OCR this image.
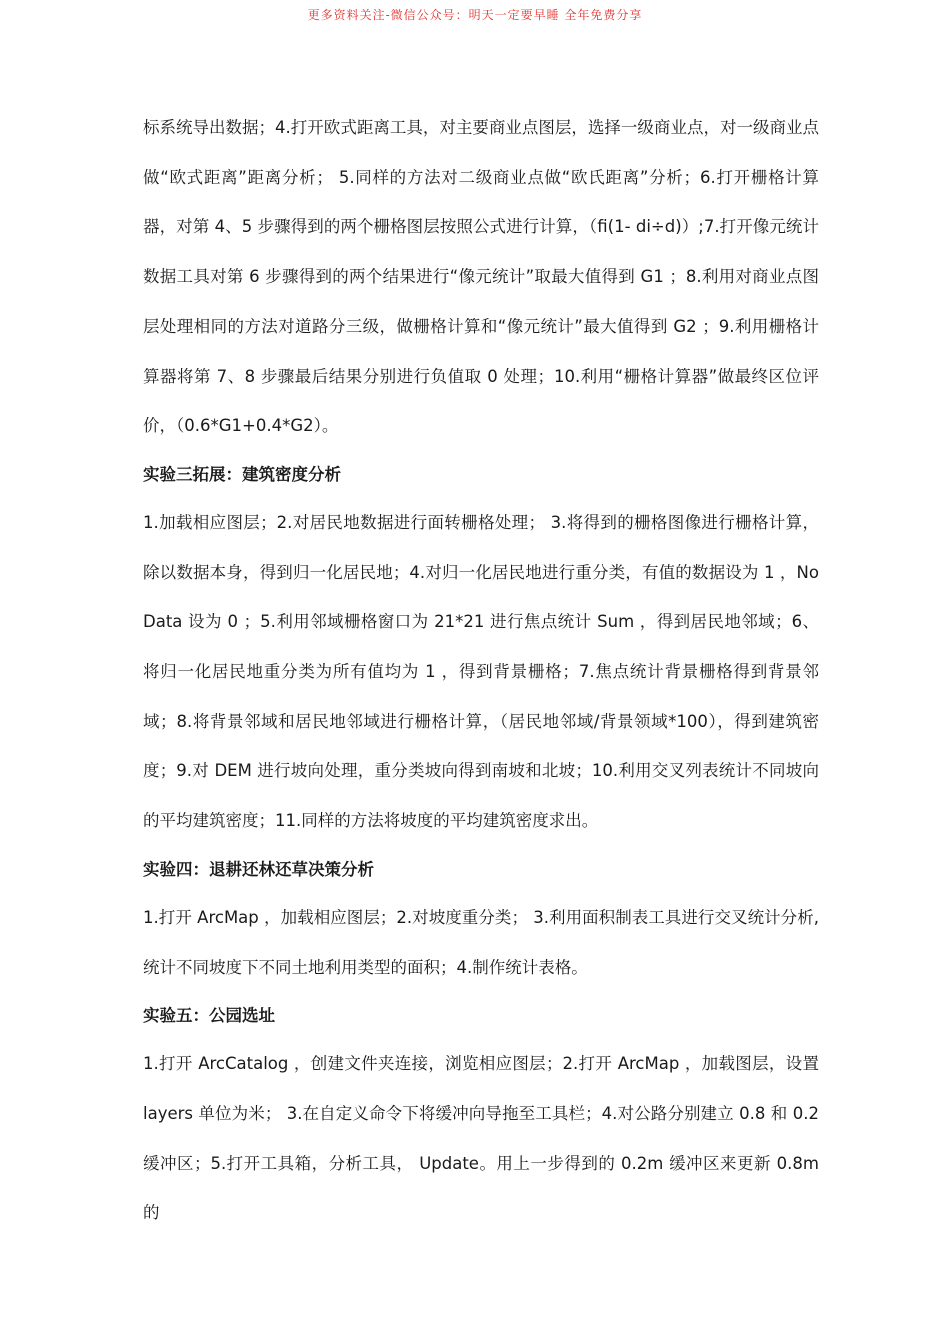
更多资料关注-微信公众号：明天一定要早睡 全年免费分享

标系统导出数据；4.打开欧式距离工具，对主要商业点图层，选择一级商业点，对一级商业点做“欧式距离”距离分析； 5.同样的方法对二级商业点做“欧氏距离”分析；6.打开栅格计算器，对第 4、5 步骤得到的两个栅格图层按照公式进行计算，（fi(1- di÷d)）;7.打开像元统计数据工具对第 6 步骤得到的两个结果进行“像元统计”取最大值得到 G1 ；8.利用对商业点图层处理相同的方法对道路分三级，做栅格计算和“像元统计”最大值得到 G2 ；9.利用栅格计算器将第 7、8 步骤最后结果分别进行负值取 0 处理；10.利用“栅格计算器”做最终区位评价，（0.6*G1+0.4*G2）。

实验三拓展：建筑密度分析

1.加载相应图层；2.对居民地数据进行面转栅格处理； 3.将得到的栅格图像进行栅格计算，除以数据本身，得到归一化居民地；4.对归一化居民地进行重分类，有值的数据设为 1 ，No Data 设为 0 ；5.利用邻域栅格窗口为 21*21 进行焦点统计 Sum ，得到居民地邻域；6、将归一化居民地重分类为所有值均为 1 ，得到背景栅格；7.焦点统计背景栅格得到背景邻域；8.将背景邻域和居民地邻域进行栅格计算，（居民地邻域/背景领域*100），得到建筑密度；9.对 DEM 进行坡向处理，重分类坡向得到南坡和北坡；10.利用交叉列表统计不同坡向的平均建筑密度；11.同样的方法将坡度的平均建筑密度求出。

实验四：退耕还林还草决策分析

1.打开 ArcMap ，加载相应图层；2.对坡度重分类； 3.利用面积制表工具进行交叉统计分析,统计不同坡度下不同土地利用类型的面积；4.制作统计表格。

实验五：公园选址

1.打开 ArcCatalog ，创建文件夹连接，浏览相应图层；2.打开 ArcMap ，加载图层，设置 layers 单位为米； 3.在自定义命令下将缓冲向导拖至工具栏；4.对公路分别建立 0.8 和 0.2 缓冲区；5.打开工具箱，分析工具， Update。用上一步得到的 0.2m 缓冲区来更新 0.8m 的
